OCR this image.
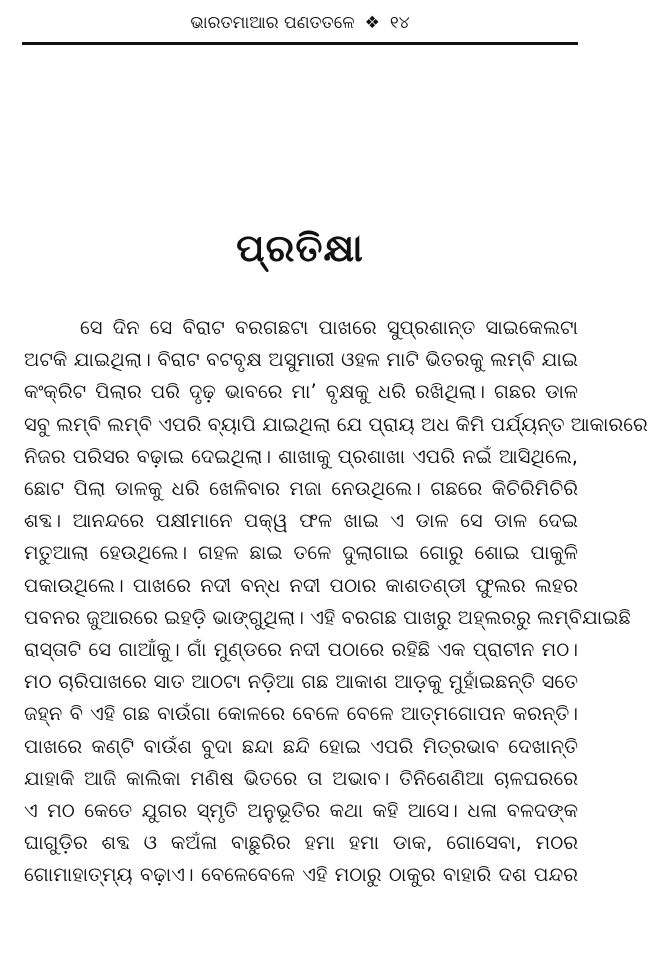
ଭାରତମାଆର ପଣତତଳେ ❖ ୧୪
ପ୍ରତିକ୍ଷା
ସେ ଦିନ ସେ ବିରାଟ ବରଗଛଟା ପାଖରେ ସୁପ୍ରଶାନ୍ତ ସାଇକେଲଟା
ଅଟକି ଯାଇଥିଲା। ବିରାଟ ବଟବୃକ୍ଷ ଅସୁମାରୀ ଓହଳ ମାଟି ଭିତରକୁ ଲମ୍ବି ଯାଇ
କଂକ୍ରିଟ ପିଲାର ପରି ଦୃଢ଼ ଭାବରେ ମା’ ବୃକ୍ଷକୁ ଧରି ରଖିଥିଲା। ଗଛର ଡାଳ
ସବୁ ଲମ୍ବି ଲମ୍ବି ଏପରି ବ୍ୟାପି ଯାଇଥିଲା ଯେ ପ୍ରାୟ ଅଧ କିମି ପର୍ଯ୍ୟନ୍ତ ଆକାରରେ
ନିଜର ପରିସର ବଢ଼ାଇ ଦେଇଥିଲା। ଶାଖାକୁ ପ୍ରଶାଖା ଏପରି ନଇଁ ଆସିଥିଲେ,
ଛୋଟ ପିଲା ଡାଳକୁ ଧରି ଖେଳିବାର ମଜା ନେଉଥିଲେ। ଗଛରେ କିଚିରିମିଚିରି
ଶବ୍ଦ। ଆନନ୍ଦରେ ପକ୍ଷୀମାନେ ପକ୍ୱ ଫଳ ଖାଇ ଏ ଡାଳ ସେ ଡାଳ ଦେଇ
ମତୁଆଲା ହେଉଥିଲେ। ଗହଳ ଛାଇ ତଳେ ଦୁଲାଗାଇ ଗୋରୁ ଶୋଇ ପାକୁଳି
ପକାଉଥିଲେ। ପାଖରେ ନଦୀ ବନ୍ଧ ନଦୀ ପଠାର କାଶତଣ୍ଡୀ ଫୁଲର ଲହର
ପବନର ଜୁଆରରେ ଇହଡ଼ି ଭାଙ୍ଗୁଥିଲା। ଏହି ବରଗଛ ପାଖରୁ ଅହ୍ଲରରୁ ଲମ୍ବିଯାଇଛି
ରାସ୍ତାଟି ସେ ଗାଆଁକୁ। ଗାଁ ମୁଣ୍ଡରେ ନଦୀ ପଠାରେ ରହିଛି ଏକ ପ୍ରାଚୀନ ମଠ।
ମଠ ଚାରିପାଖରେ ସାତ ଆଠଟା ନଡ଼ିଆ ଗଛ ଆକାଶ ଆଡ଼କୁ ମୁହାଁଇଛନ୍ତି ସତେ
ଜହ୍ନ ବି ଏହି ଗଛ ବାଉଁଗା କୋଳରେ ବେଳେ ବେଳେ ଆତ୍ମଗୋପନ କରନ୍ତି।
ପାଖରେ କଣ୍ଟି ବାଉଁଶ ବୁଦା ଛନ୍ଦା ଛନ୍ଦି ହୋଇ ଏପରି ମିତ୍ରଭାବ ଦେଖାନ୍ତି
ଯାହାକି ଆଜି କାଲିକା ମଣିଷ ଭିତରେ ତା ଅଭାବ। ତିନିଶେଣିଆ ଚାଳଘରରେ
ଏ ମଠ କେତେ ଯୁଗର ସ୍ମୃତି ଅନୁଭୂତିର କଥା କହି ଆସେ। ଧଳା ବଳଦଙ୍କ
ଘାଗୁଡ଼ିର ଶବ୍ଦ ଓ କଅଁଳା ବାଛୁରିର ହମା ହମା ଡାକ, ଗୋସେବା, ମଠର
ଗୋମାହାତ୍ମ୍ୟ ବଢ଼ାଏ। ବେଳେବେଳେ ଏହି ମଠାରୁ ଠାକୁର ବାହାରି ଦଶ ପନ୍ଦର
